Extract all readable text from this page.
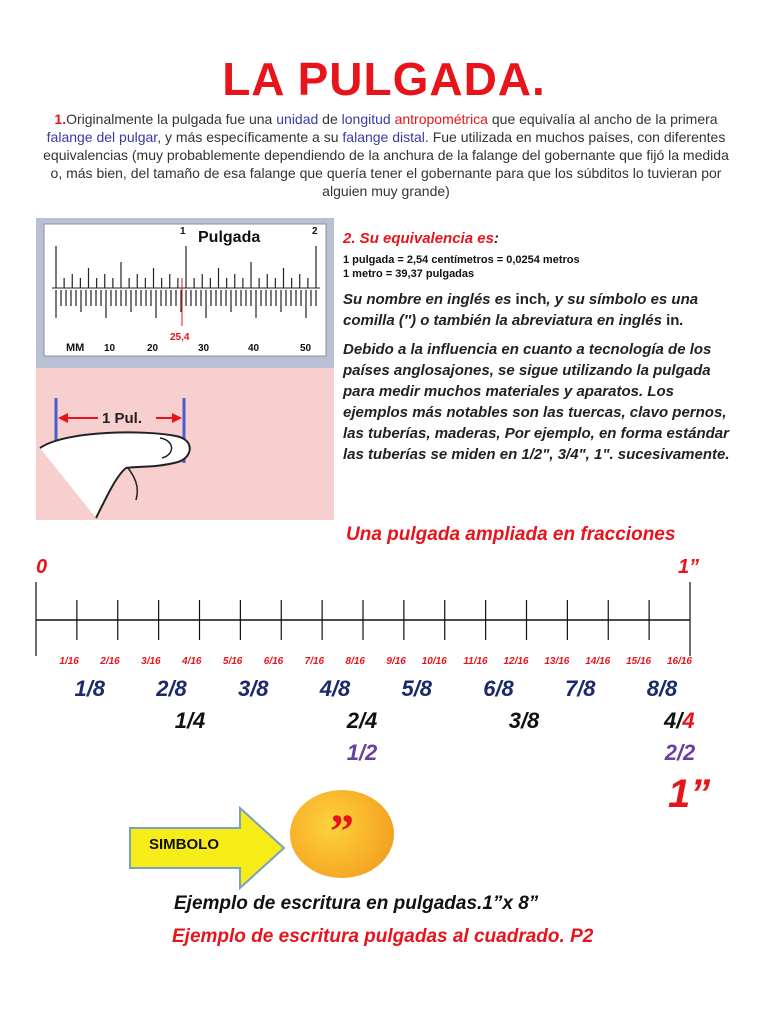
LA PULGADA.
1.Originalmente la pulgada fue una unidad de longitud antropométrica que equivalía al ancho de la primera falange del pulgar, y más específicamente a su falange distal. Fue utilizada en muchos países, con diferentes equivalencias (muy probablemente dependiendo de la anchura de la falange del gobernante que fijó la medida o, más bien, del tamaño de esa falange que quería tener el gobernante para que los súbditos lo tuvieran por alguien muy grande)
Pulgada
1	2
MM 10	20	30	40	50
25,4
1 Pul.
2. Su equivalencia es:
1 pulgada = 2,54 centímetros = 0,0254 metros
1 metro = 39,37 pulgadas
Su nombre en inglés es inch, y su símbolo es una comilla (″) o también la abreviatura en inglés in.
Debido a la influencia en cuanto a tecnología de los países anglosajones, se sigue utilizando la pulgada para medir muchos materiales y aparatos. Los ejemplos más notables son las tuercas, clavo pernos, las tuberías, maderas, Por ejemplo, en forma estándar las tuberías se miden en 1/2", 3/4", 1". sucesivamente.
Una pulgada ampliada en fracciones
0	1”
1/16	2/16	3/16	4/16	5/16	6/16	7/16	8/16	9/16	10/16	11/16	12/16	13/16	14/16	15/16	16/16
1/8	2/8	3/8	4/8	5/8	6/8	7/8	8/8
1/4	2/4	3/8	4/4
1/2	2/2
SIMBOLO	”
1”
Ejemplo de escritura en pulgadas.1”x 8”
Ejemplo de escritura pulgadas al cuadrado. P2
